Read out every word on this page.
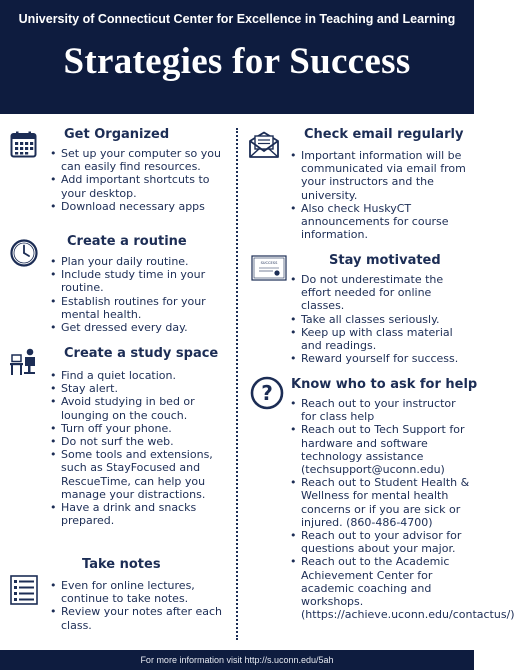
University of Connecticut Center for Excellence in Teaching and Learning
Strategies for Success
Get Organized
• Set up your computer so you can easily find resources.
• Add important shortcuts to your desktop.
• Download necessary apps
Create a routine
• Plan your daily routine.
• Include study time in your routine.
• Establish routines for your mental health.
• Get dressed every day.
Create a study space
• Find a quiet location.
• Stay alert.
• Avoid studying in bed or lounging on the couch.
• Turn off your phone.
• Do not surf the web.
• Some tools and extensions, such as StayFocused and RescueTime, can help you manage your distractions.
• Have a drink and snacks prepared.
Take notes
• Even for online lectures, continue to take notes.
• Review your notes after each class.
Check email regularly
• Important information will be communicated via email from your instructors and the university.
• Also check HuskyCT announcements for course information.
SUCCESS	Stay motivated
• Do not underestimate the effort needed for online classes.
• Take all classes seriously.
• Keep up with class material and readings.
• Reward yourself for success.
? Know who to ask for help
• Reach out to your instructor for class help
• Reach out to Tech Support for hardware and software technology assistance (techsupport@uconn.edu)
• Reach out to Student Health & Wellness for mental health concerns or if you are sick or injured. (860-486-4700)
• Reach out to your advisor for questions about your major.
• Reach out to the Academic Achievement Center for academic coaching and workshops. (https://achieve.uconn.edu/contactus/)
For more information visit http://s.uconn.edu/5ah
